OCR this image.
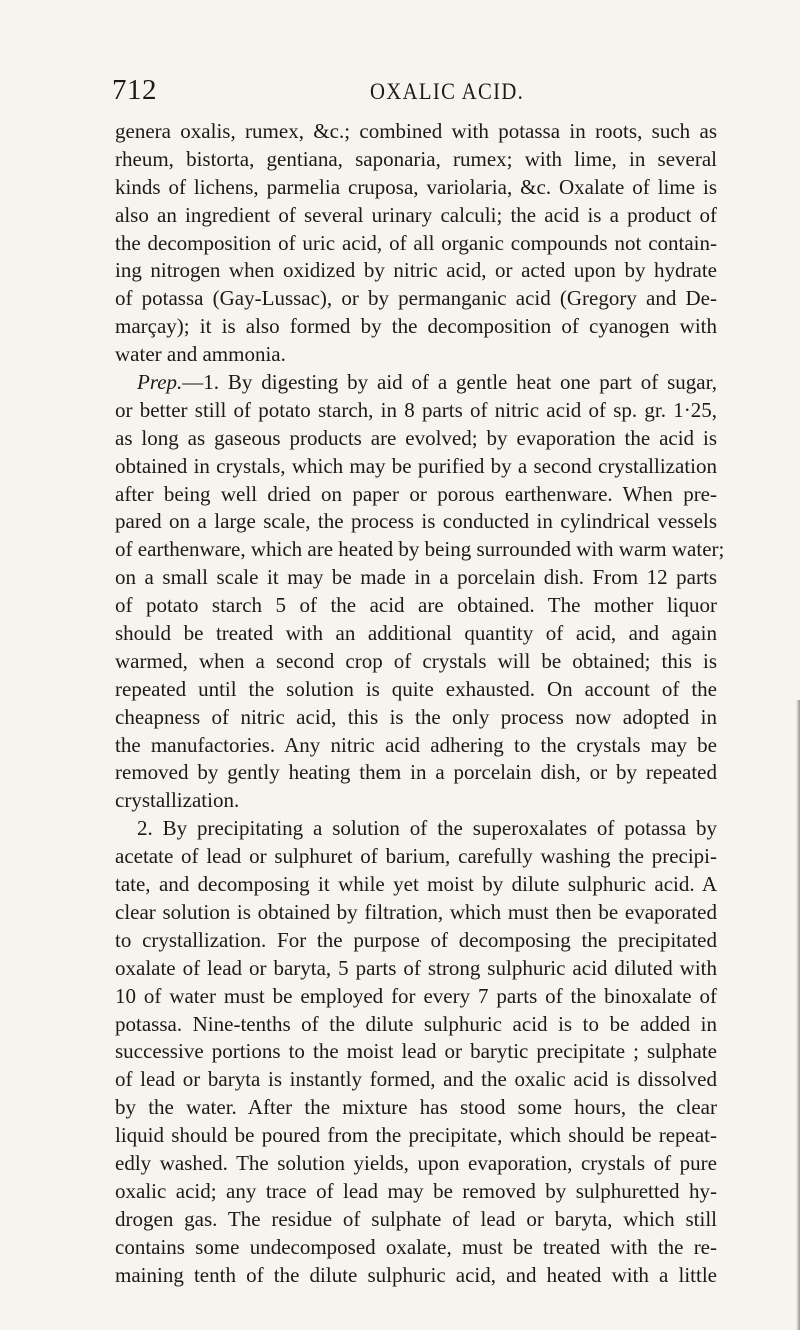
712	OXALIC ACID.
genera oxalis, rumex, &c.; combined with potassa in roots, such as
rheum, bistorta, gentiana, saponaria, rumex; with lime, in several
kinds of lichens, parmelia cruposa, variolaria, &c. Oxalate of lime is
also an ingredient of several urinary calculi; the acid is a product of
the decomposition of uric acid, of all organic compounds not contain-
ing nitrogen when oxidized by nitric acid, or acted upon by hydrate
of potassa (Gay-Lussac), or by permanganic acid (Gregory and De-
marçay); it is also formed by the decomposition of cyanogen with
water and ammonia.
Prep.—1. By digesting by aid of a gentle heat one part of sugar,
or better still of potato starch, in 8 parts of nitric acid of sp. gr. 1·25,
as long as gaseous products are evolved; by evaporation the acid is
obtained in crystals, which may be purified by a second crystallization
after being well dried on paper or porous earthenware. When pre-
pared on a large scale, the process is conducted in cylindrical vessels
of earthenware, which are heated by being surrounded with warm water;
on a small scale it may be made in a porcelain dish. From 12 parts
of potato starch 5 of the acid are obtained. The mother liquor
should be treated with an additional quantity of acid, and again
warmed, when a second crop of crystals will be obtained; this is
repeated until the solution is quite exhausted. On account of the
cheapness of nitric acid, this is the only process now adopted in
the manufactories. Any nitric acid adhering to the crystals may be
removed by gently heating them in a porcelain dish, or by repeated
crystallization.
2. By precipitating a solution of the superoxalates of potassa by
acetate of lead or sulphuret of barium, carefully washing the precipi-
tate, and decomposing it while yet moist by dilute sulphuric acid. A
clear solution is obtained by filtration, which must then be evaporated
to crystallization. For the purpose of decomposing the precipitated
oxalate of lead or baryta, 5 parts of strong sulphuric acid diluted with
10 of water must be employed for every 7 parts of the binoxalate of
potassa. Nine-tenths of the dilute sulphuric acid is to be added in
successive portions to the moist lead or barytic precipitate ; sulphate
of lead or baryta is instantly formed, and the oxalic acid is dissolved
by the water. After the mixture has stood some hours, the clear
liquid should be poured from the precipitate, which should be repeat-
edly washed. The solution yields, upon evaporation, crystals of pure
oxalic acid; any trace of lead may be removed by sulphuretted hy-
drogen gas. The residue of sulphate of lead or baryta, which still
contains some undecomposed oxalate, must be treated with the re-
maining tenth of the dilute sulphuric acid, and heated with a little
